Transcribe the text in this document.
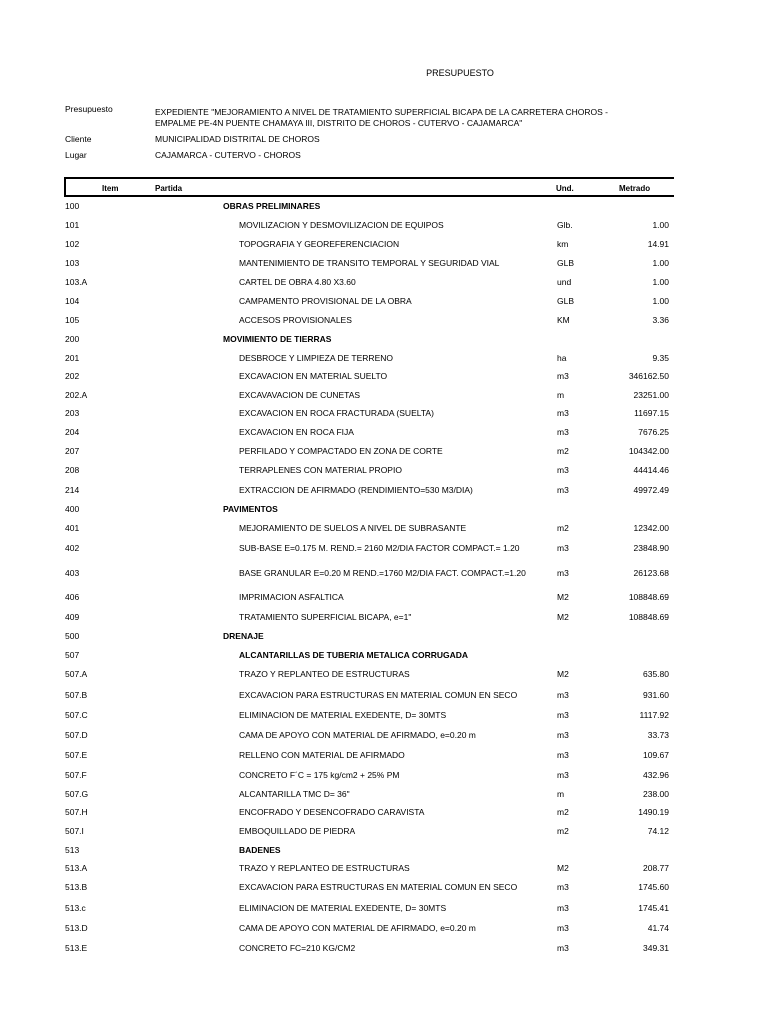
PRESUPUESTO
Presupuesto	EXPEDIENTE "MEJORAMIENTO A NIVEL DE TRATAMIENTO SUPERFICIAL BICAPA DE LA CARRETERA CHOROS -
EMPALME PE-4N PUENTE CHAMAYA III, DISTRITO DE CHOROS - CUTERVO - CAJAMARCA"
Cliente	MUNICIPALIDAD DISTRITAL DE CHOROS
Lugar	CAJAMARCA - CUTERVO - CHOROS
Item	Partida	Und.	Metrado
100	OBRAS PRELIMINARES
101	MOVILIZACION Y DESMOVILIZACION DE EQUIPOS	Glb.	1.00
102	TOPOGRAFIA Y GEOREFERENCIACION	km	14.91
103	MANTENIMIENTO DE TRANSITO TEMPORAL Y SEGURIDAD VIAL	GLB	1.00
103.A	CARTEL DE OBRA 4.80 X3.60	und	1.00
104	CAMPAMENTO PROVISIONAL DE LA OBRA	GLB	1.00
105	ACCESOS PROVISIONALES	KM	3.36
200	MOVIMIENTO DE TIERRAS
201	DESBROCE Y LIMPIEZA DE TERRENO	ha	9.35
202	EXCAVACION EN MATERIAL SUELTO	m3	346162.50
202.A	EXCAVAVACION DE CUNETAS	m	23251.00
203	EXCAVACION EN ROCA FRACTURADA (SUELTA)	m3	11697.15
204	EXCAVACION EN ROCA FIJA	m3	7676.25
207	PERFILADO Y COMPACTADO EN ZONA DE CORTE	m2	104342.00
208	TERRAPLENES CON MATERIAL PROPIO	m3	44414.46
214	EXTRACCION DE AFIRMADO (RENDIMIENTO=530 M3/DIA)	m3	49972.49
400	PAVIMENTOS
401	MEJORAMIENTO DE SUELOS A NIVEL DE SUBRASANTE	m2	12342.00
402	SUB-BASE E=0.175 M. REND.= 2160 M2/DIA FACTOR COMPACT.= 1.20	m3	23848.90
403	BASE GRANULAR E=0.20 M REND.=1760 M2/DIA FACT. COMPACT.=1.20	m3	26123.68
406	IMPRIMACION ASFALTICA	M2	108848.69
409	TRATAMIENTO SUPERFICIAL BICAPA, e=1"	M2	108848.69
500	DRENAJE
507	ALCANTARILLAS DE TUBERIA METALICA CORRUGADA
507.A	TRAZO Y REPLANTEO DE ESTRUCTURAS	M2	635.80
507.B	EXCAVACION PARA ESTRUCTURAS EN MATERIAL COMUN EN SECO	m3	931.60
507.C	ELIMINACION DE MATERIAL EXEDENTE, D= 30MTS	m3	1117.92
507.D	CAMA DE APOYO CON MATERIAL DE AFIRMADO, e=0.20 m	m3	33.73
507.E	RELLENO CON MATERIAL DE AFIRMADO	m3	109.67
507.F	CONCRETO F´C = 175 kg/cm2 + 25% PM	m3	432.96
507.G	ALCANTARILLA TMC D= 36"	m	238.00
507.H	ENCOFRADO Y DESENCOFRADO CARAVISTA	m2	1490.19
507.I	EMBOQUILLADO DE PIEDRA	m2	74.12
513	BADENES
513.A	TRAZO Y REPLANTEO DE ESTRUCTURAS	M2	208.77
513.B	EXCAVACION PARA ESTRUCTURAS EN MATERIAL COMUN EN SECO	m3	1745.60
513.c	ELIMINACION DE MATERIAL EXEDENTE, D= 30MTS	m3	1745.41
513.D	CAMA DE APOYO CON MATERIAL DE AFIRMADO, e=0.20 m	m3	41.74
513.E	CONCRETO FC=210 KG/CM2	m3	349.31
